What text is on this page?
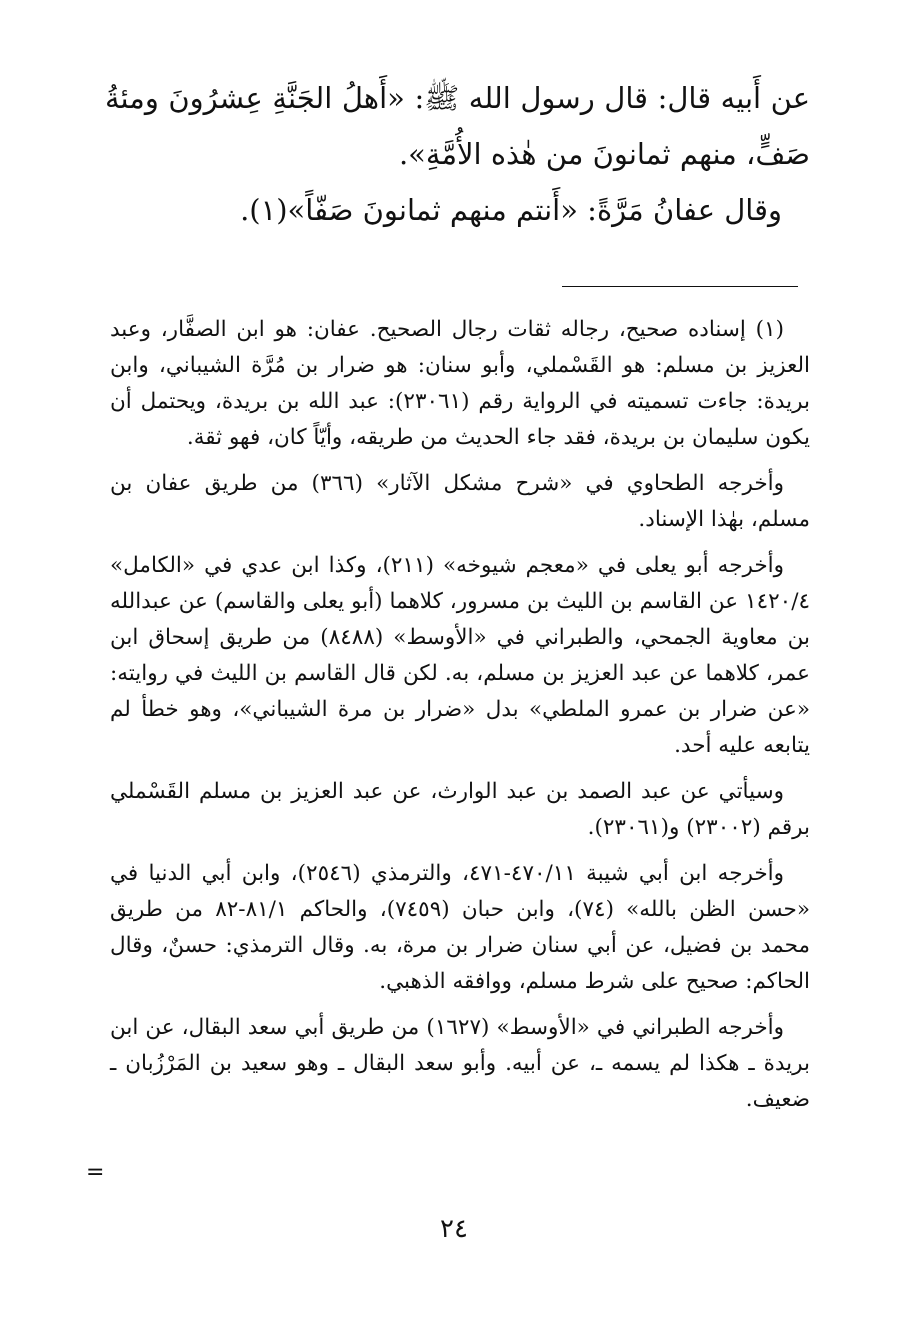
عن أَبيه قال: قال رسول الله ﷺ: «أَهلُ الجَنَّةِ عِشرُونَ ومئةُ صَفٍّ، منهم ثمانونَ من هٰذه الأُمَّةِ».

وقال عفانُ مَرَّةً: «أَنتم منهم ثمانونَ صَفّاً»(١).

(١) إسناده صحيح، رجاله ثقات رجال الصحيح. عفان: هو ابن الصفَّار، وعبد العزيز بن مسلم: هو القَسْملي، وأبو سنان: هو ضرار بن مُرَّة الشيباني، وابن بريدة: جاءت تسميته في الرواية رقم (٢٣٠٦١): عبد الله بن بريدة، ويحتمل أن يكون سليمان بن بريدة، فقد جاء الحديث من طريقه، وأيّاً كان، فهو ثقة.

وأخرجه الطحاوي في «شرح مشكل الآثار» (٣٦٦) من طريق عفان بن مسلم، بهٰذا الإسناد.

وأخرجه أبو يعلى في «معجم شيوخه» (٢١١)، وكذا ابن عدي في «الكامل» ١٤٢٠/٤ عن القاسم بن الليث بن مسرور، كلاهما (أبو يعلى والقاسم) عن عبدالله بن معاوية الجمحي، والطبراني في «الأوسط» (٨٤٨٨) من طريق إسحاق ابن عمر، كلاهما عن عبد العزيز بن مسلم، به. لكن قال القاسم بن الليث في روايته: «عن ضرار بن عمرو الملطي» بدل «ضرار بن مرة الشيباني»، وهو خطأ لم يتابعه عليه أحد.

وسيأتي عن عبد الصمد بن عبد الوارث، عن عبد العزيز بن مسلم القَسْملي برقم (٢٣٠٠٢) و(٢٣٠٦١).

وأخرجه ابن أبي شيبة ٤٧٠/١١-٤٧١، والترمذي (٢٥٤٦)، وابن أبي الدنيا في «حسن الظن بالله» (٧٤)، وابن حبان (٧٤٥٩)، والحاكم ٨١/١-٨٢ من طريق محمد بن فضيل، عن أبي سنان ضرار بن مرة، به. وقال الترمذي: حسنٌ، وقال الحاكم: صحيح على شرط مسلم، ووافقه الذهبي.

وأخرجه الطبراني في «الأوسط» (١٦٢٧) من طريق أبي سعد البقال، عن ابن بريدة ـ هكذا لم يسمه ـ، عن أبيه. وأبو سعد البقال ـ وهو سعيد بن المَرْزُبان ـ ضعيف.

=
٢٤
